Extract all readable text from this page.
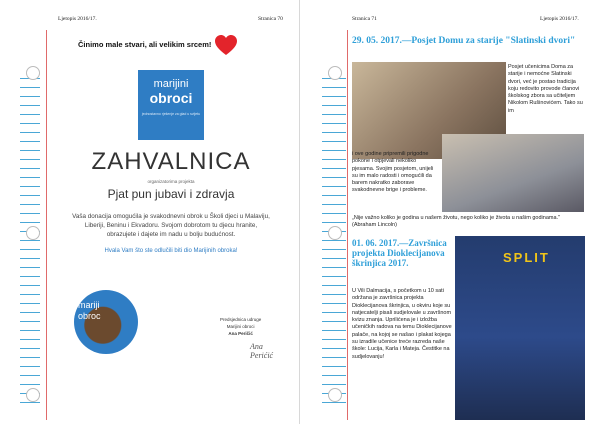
Ljetopis 2016/17.	Stranica 70
Činimo male stvari, ali velikim srcem!
marijini
obroci
jednostavno rješenje za glad u svijetu
ZAHVALNICA
organizatorima projekta
Pjat pun jubavi i zdravja
Vaša donacija omogućila je svakodnevni obrok u Školi djeci u Malaviju, Liberiji, Beninu i Ekvadoru. Svojom dobrotom tu djecu hranite, obrazujete i dajete im nadu u bolju budućnost.
Hvala Vam što ste odlučili biti dio Marijinih obroka!
mariji
obroc	Predsjednica udruge
Marijini obroci
Ana Peričić
Ana Perićić
Stranica 71	Ljetopis 2016/17.
29. 05. 2017.—Posjet Domu za starije "Slatinski dvori"
Posjet učenicima Doma za starije i nemoćne Slatinski dvori, već je postao tradicija koju redovito provode članovi školskog zbora sa učiteljem Nikolom Rušinovićem. Tako su im
i ove godine pripremili prigodne pokone i otpjevali nekoliko pjesama. Svojim posjetom, unijeli su im malo radosti i omogućili da barem nakratko zaborave svakodnevne brige i probleme.
„Nije važno koliko je godina u našem životu, nego koliko je života u našim godinama." (Abraham Lincoln)
01. 06. 2017.—Završnica projekta Dioklecijanova škrinjica 2017.
U Vili Dalmacija, s početkom u 10 sati održana je završnica projekta Dioklecijanova škrinjica, u okviru koje su natjecatelji pisali sudjelovale u završnom kvizu znanja. Uprilićena je i izložba učeničkih radova na temu Dioklecijanove palače, na kojoj se našao i plakat kojega su izradile učenice treće razreda naše škole: Lucija, Karla i Mateja. Čestitke na sudjelovanju!
SPLIT
